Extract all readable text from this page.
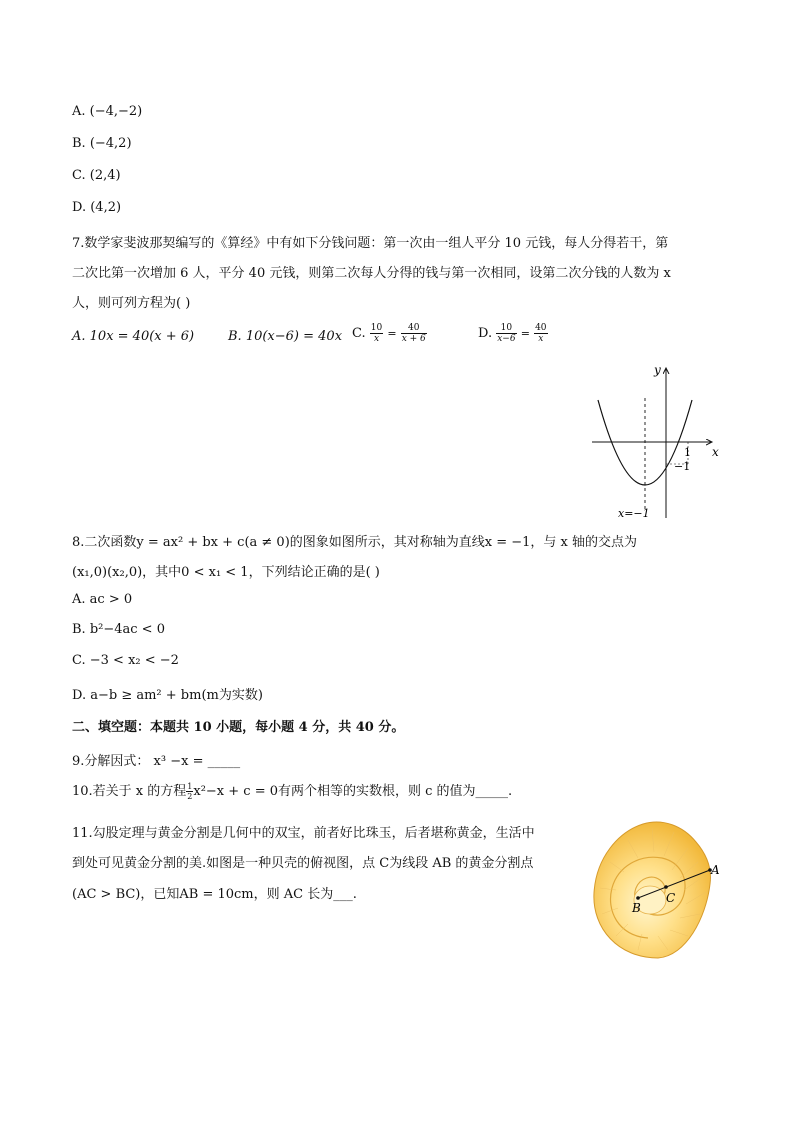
A. (−4,−2)
B. (−4,2)
C. (2,4)
D. (4,2)
7.数学家斐波那契编写的《算经》中有如下分钱问题：第一次由一组人平分 10 元钱，每人分得若干，第
二次比第一次增加 6 人，平分 40 元钱，则第二次每人分得的钱与第一次相同，设第二次分钱的人数为 x
人，则可列方程为( )
A. 10x = 40(x + 6)	B. 10(x−6) = 40x C. $\frac{10}{x} = \frac{40}{x + 6}$	D. $\frac{10}{x-6} = \frac{40}{x}$
y
x
1
−1
x=−1
8.二次函数y = ax² + bx + c(a ≠ 0)的图象如图所示，其对称轴为直线x = −1，与 x 轴的交点为
(x₁,0)(x₂,0)，其中0 < x₁ < 1，下列结论正确的是( )
A. ac > 0
B. b²−4ac < 0
C. −3 < x₂ < −2
D. a−b ≥ am² + bm(m为实数)
二、填空题：本题共 10 小题，每小题 4 分，共 40 分。
9.分解因式： x³ −x = _____
10.若关于 x 的方程 $\frac{1}{2} x^2-x + c = 0$有两个相等的实数根，则 c 的值为_____.
11.勾股定理与黄金分割是几何中的双宝，前者好比珠玉，后者堪称黄金，生活中
到处可见黄金分割的美.如图是一种贝壳的俯视图，点 C为线段 AB 的黄金分割点
(AC > BC)，已知AB = 10cm，则 AC 长为___.
A
B
C
